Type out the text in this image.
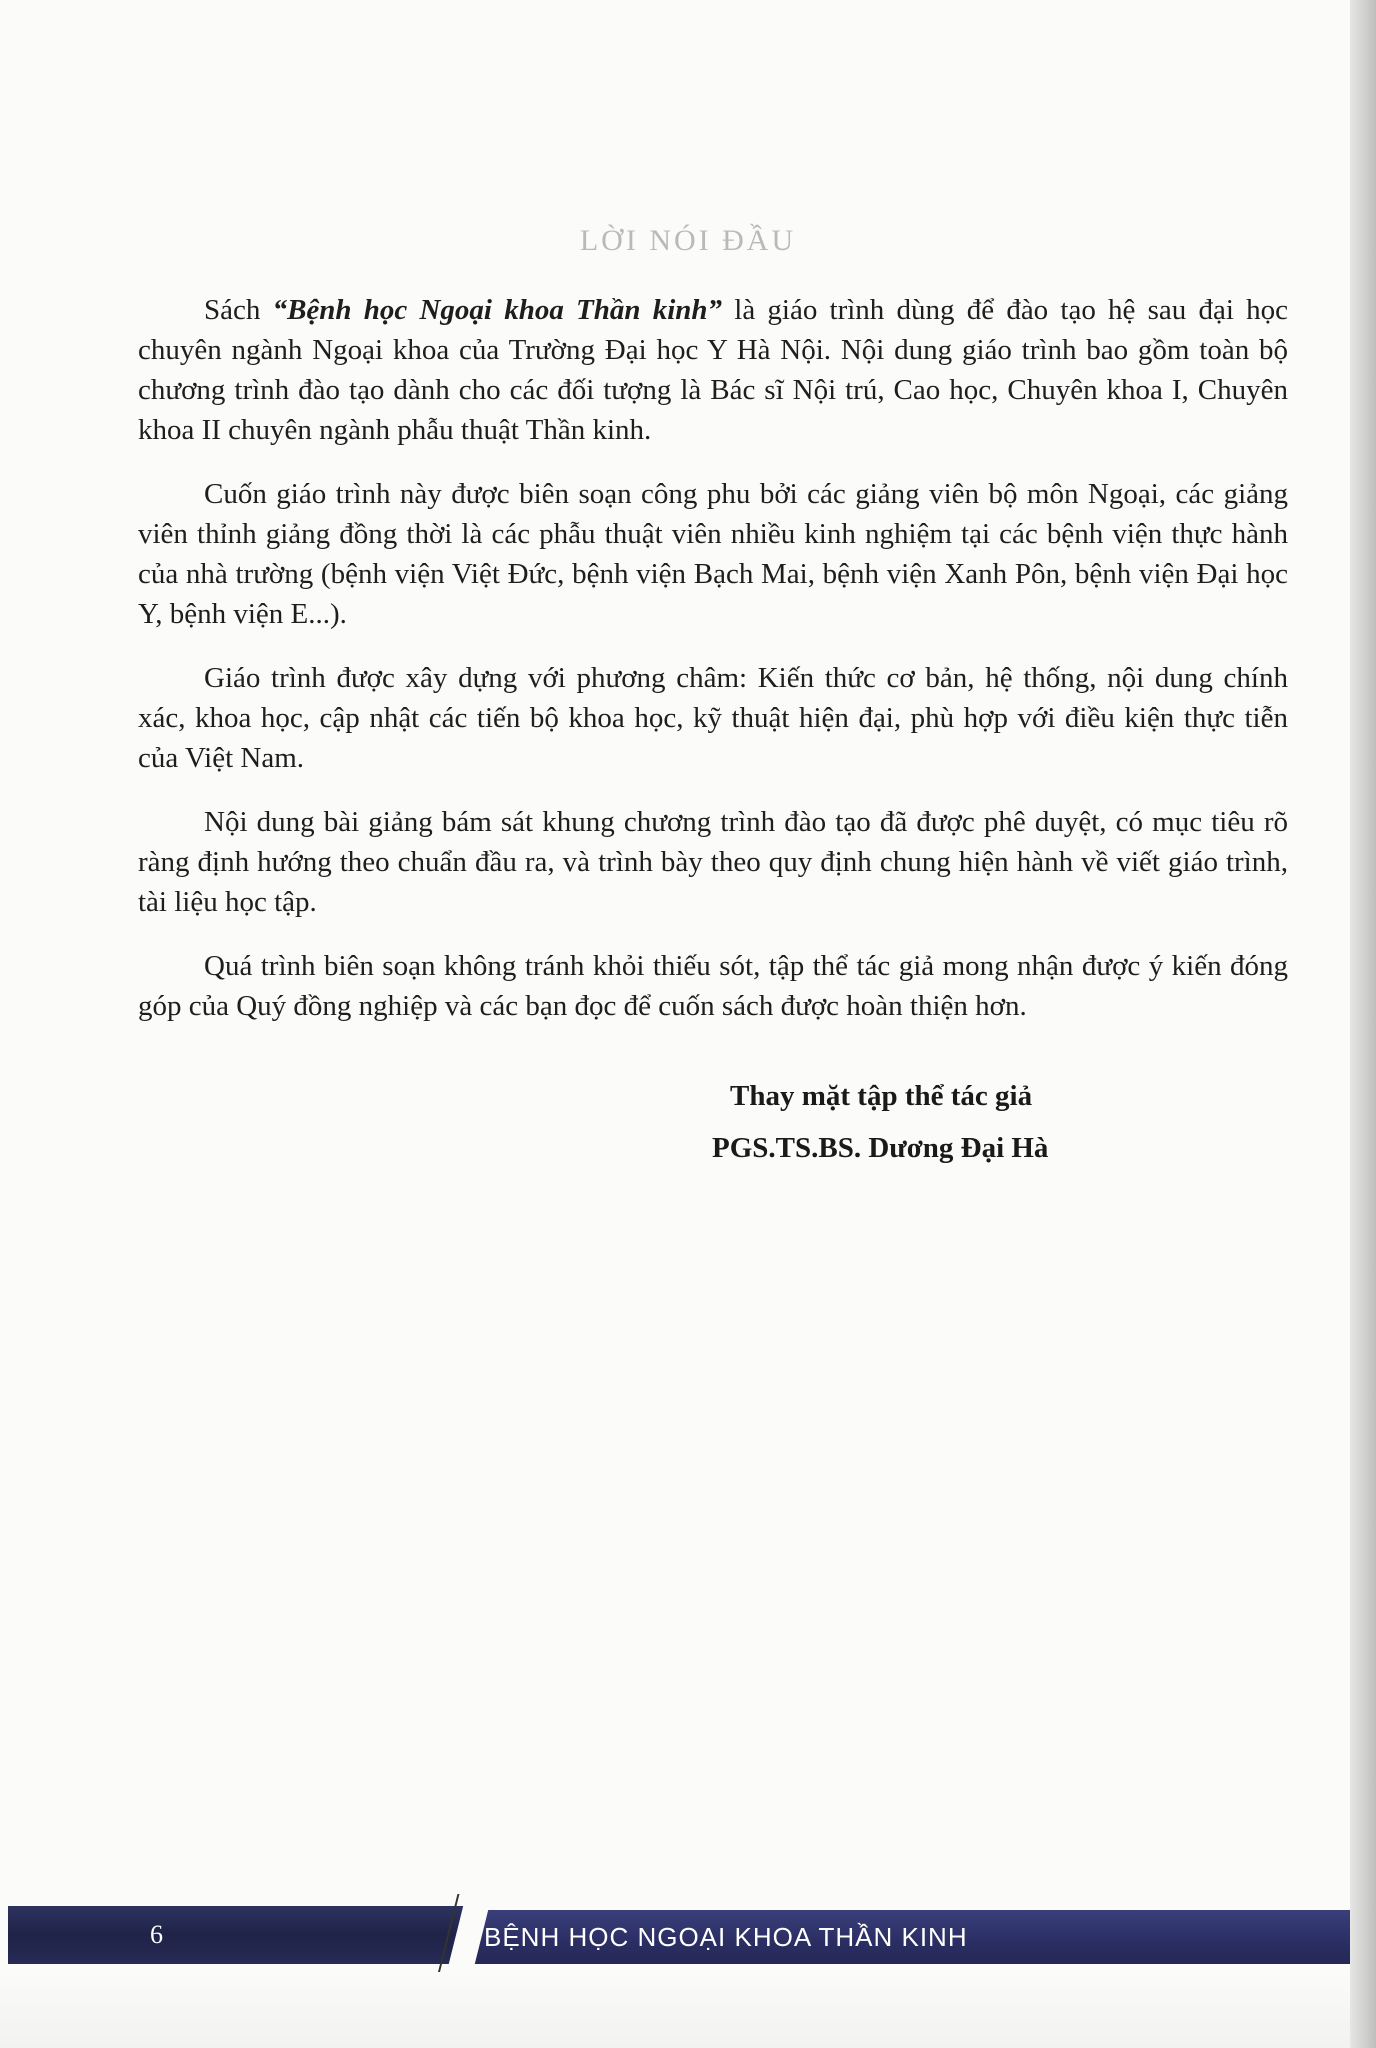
LỜI NÓI ĐẦU

Sách “Bệnh học Ngoại khoa Thần kinh” là giáo trình dùng để đào tạo hệ sau đại học chuyên ngành Ngoại khoa của Trường Đại học Y Hà Nội. Nội dung giáo trình bao gồm toàn bộ chương trình đào tạo dành cho các đối tượng là Bác sĩ Nội trú, Cao học, Chuyên khoa I, Chuyên khoa II chuyên ngành phẫu thuật Thần kinh.

Cuốn giáo trình này được biên soạn công phu bởi các giảng viên bộ môn Ngoại, các giảng viên thỉnh giảng đồng thời là các phẫu thuật viên nhiều kinh nghiệm tại các bệnh viện thực hành của nhà trường (bệnh viện Việt Đức, bệnh viện Bạch Mai, bệnh viện Xanh Pôn, bệnh viện Đại học Y, bệnh viện E...).

Giáo trình được xây dựng với phương châm: Kiến thức cơ bản, hệ thống, nội dung chính xác, khoa học, cập nhật các tiến bộ khoa học, kỹ thuật hiện đại, phù hợp với điều kiện thực tiễn của Việt Nam.

Nội dung bài giảng bám sát khung chương trình đào tạo đã được phê duyệt, có mục tiêu rõ ràng định hướng theo chuẩn đầu ra, và trình bày theo quy định chung hiện hành về viết giáo trình, tài liệu học tập.

Quá trình biên soạn không tránh khỏi thiếu sót, tập thể tác giả mong nhận được ý kiến đóng góp của Quý đồng nghiệp và các bạn đọc để cuốn sách được hoàn thiện hơn.

Thay mặt tập thể tác giả
PGS.TS.BS. Dương Đại Hà
6	BỆNH HỌC NGOẠI KHOA THẦN KINH
